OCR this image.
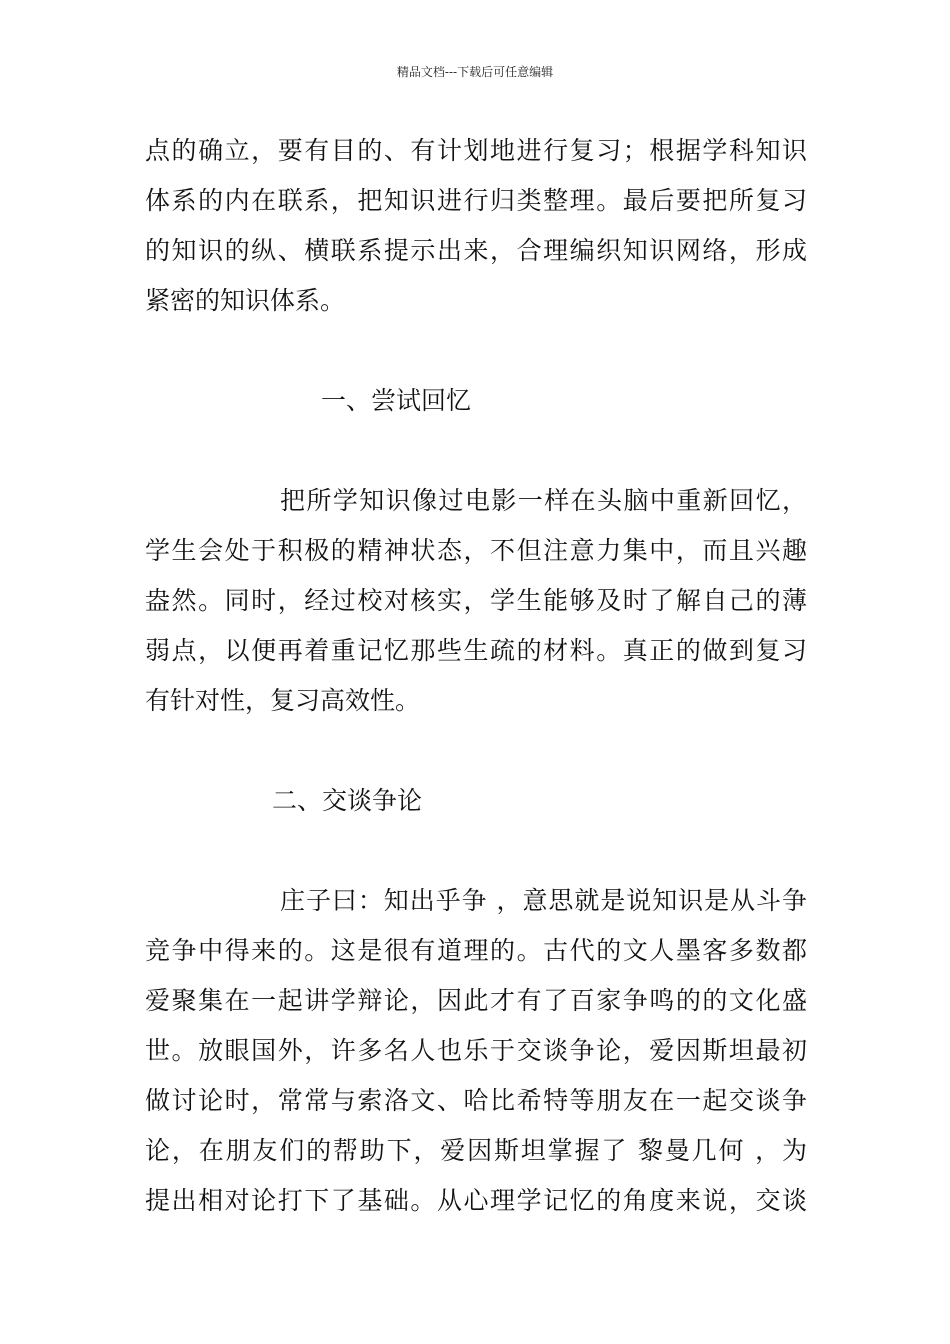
精品文档---下载后可任意编辑
点的确立，要有目的、有计划地进行复习；根据学科知识
体系的内在联系，把知识进行归类整理。最后要把所复习
的知识的纵、横联系提示出来，合理编织知识网络，形成
紧密的知识体系。
一、尝试回忆
把所学知识像过电影一样在头脑中重新回忆，
学生会处于积极的精神状态，不但注意力集中，而且兴趣
盎然。同时，经过校对核实，学生能够及时了解自己的薄
弱点，以便再着重记忆那些生疏的材料。真正的做到复习
有针对性，复习高效性。
二、交谈争论
庄子曰：知出乎争 ，意思就是说知识是从斗争
竞争中得来的。这是很有道理的。古代的文人墨客多数都
爱聚集在一起讲学辩论，因此才有了百家争鸣的的文化盛
世。放眼国外，许多名人也乐于交谈争论，爱因斯坦最初
做讨论时，常常与索洛文、哈比希特等朋友在一起交谈争
论，在朋友们的帮助下，爱因斯坦掌握了 黎曼几何 ，为
提出相对论打下了基础。从心理学记忆的角度来说，交谈
